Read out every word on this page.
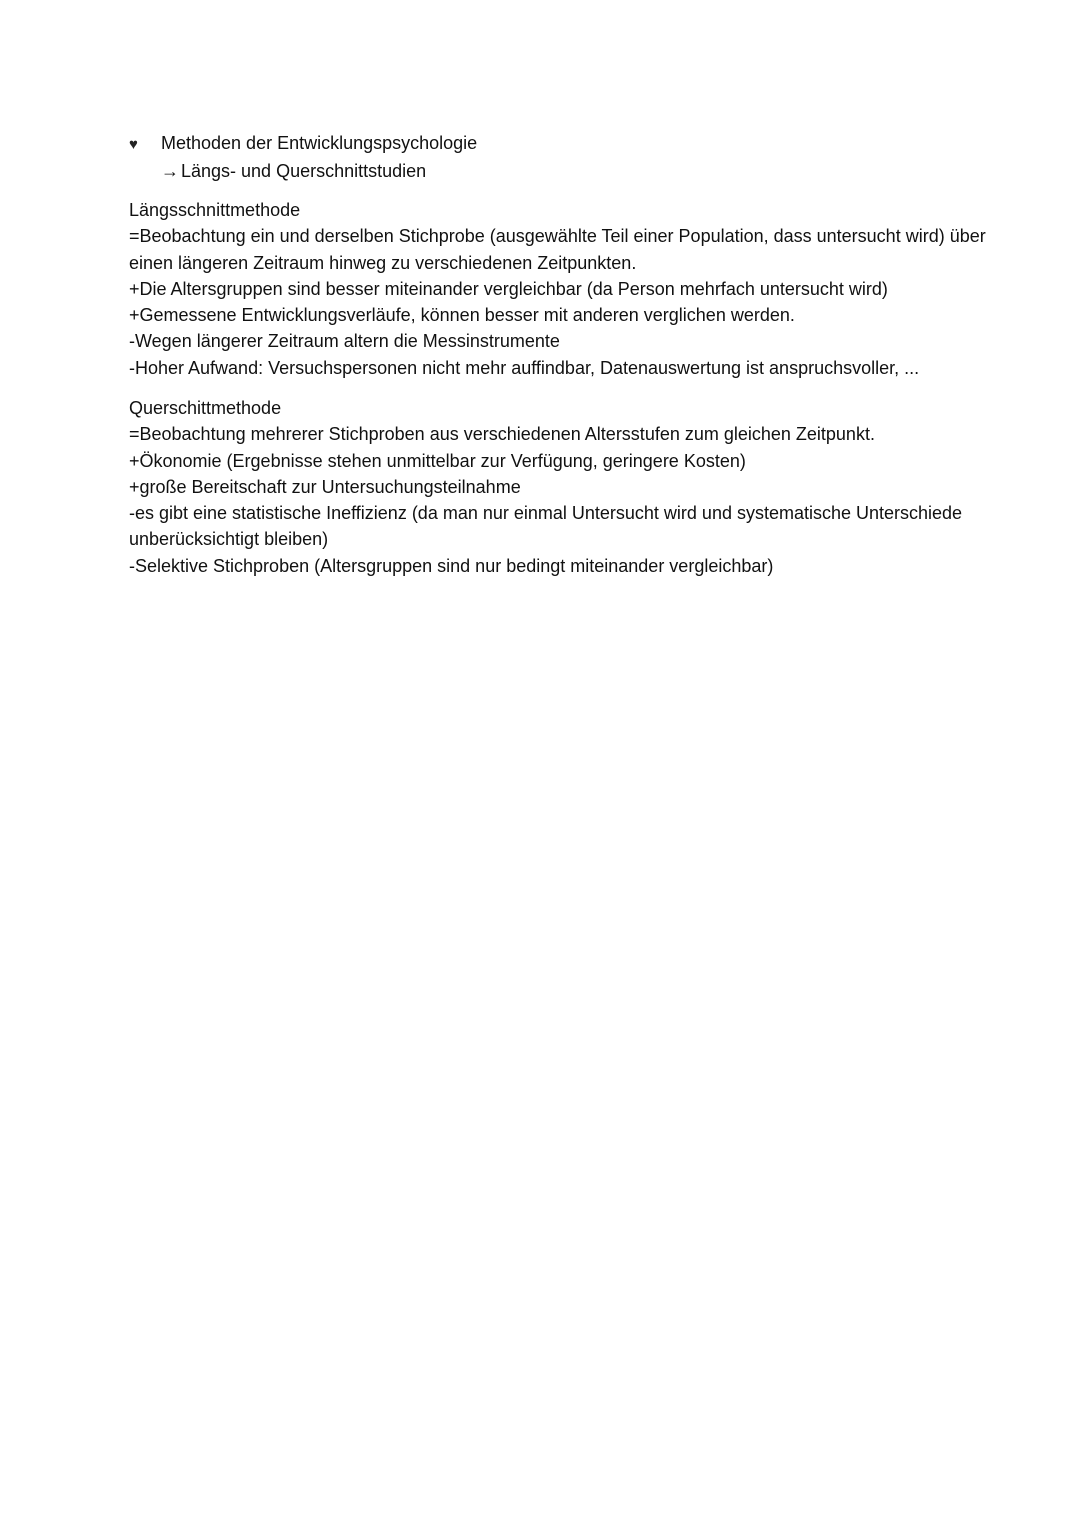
♥	Methoden der Entwicklungspsychologie
→ Längs- und Querschnittstudien

Längsschnittmethode

=Beobachtung ein und derselben Stichprobe (ausgewählte Teil einer Population, dass untersucht wird) über einen längeren Zeitraum hinweg zu verschiedenen Zeitpunkten.

+Die Altersgruppen sind besser miteinander vergleichbar (da Person mehrfach untersucht wird)

+Gemessene Entwicklungsverläufe, können besser mit anderen verglichen werden.

-Wegen längerer Zeitraum altern die Messinstrumente

-Hoher Aufwand: Versuchspersonen nicht mehr auffindbar, Datenauswertung ist anspruchsvoller, ...

Querschittmethode

=Beobachtung mehrerer Stichproben aus verschiedenen Altersstufen zum gleichen Zeitpunkt.

+Ökonomie (Ergebnisse stehen unmittelbar zur Verfügung, geringere Kosten)

+große Bereitschaft zur Untersuchungsteilnahme

-es gibt eine statistische Ineffizienz (da man nur einmal Untersucht wird und systematische Unterschiede unberücksichtigt bleiben)

-Selektive Stichproben (Altersgruppen sind nur bedingt miteinander vergleichbar)
